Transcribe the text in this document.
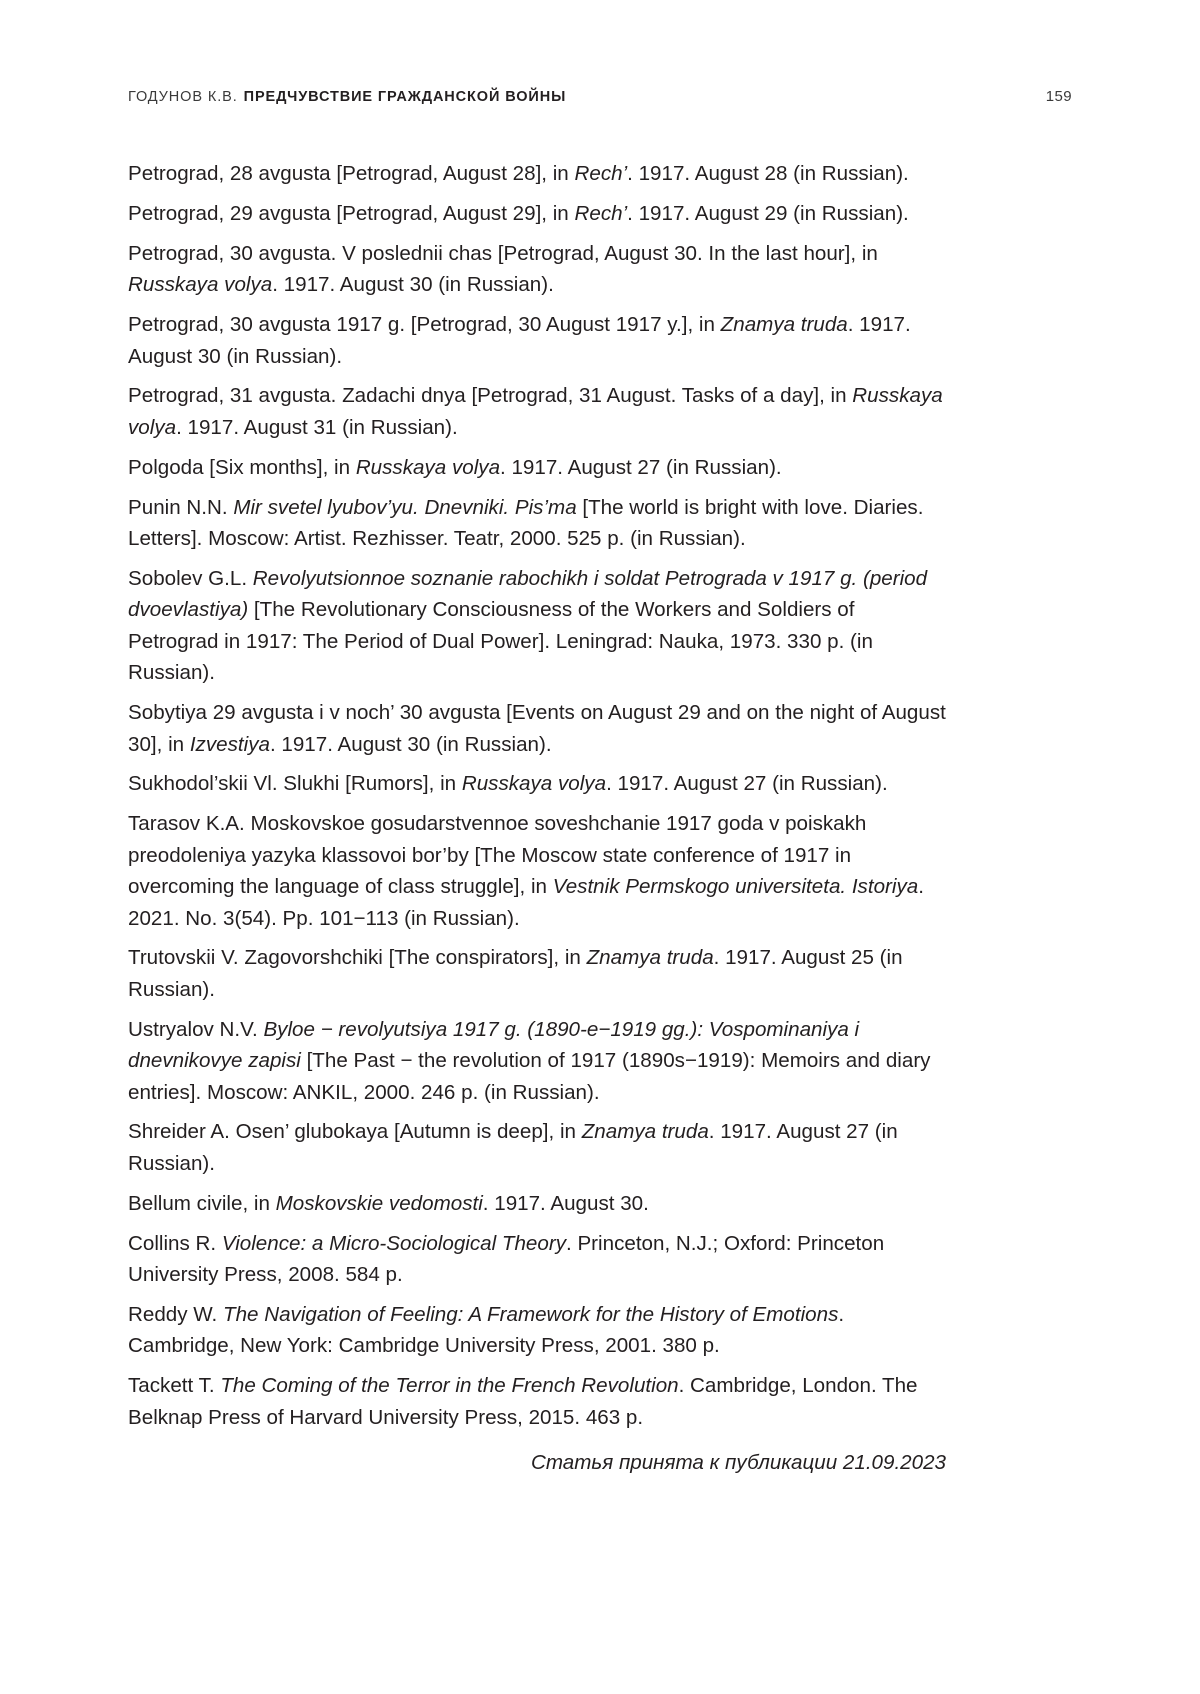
ГОДУНОВ К.В. ПРЕДЧУВСТВИЕ ГРАЖДАНСКОЙ ВОЙНЫ	159

Petrograd, 28 avgusta [Petrograd, August 28], in Rech’. 1917. August 28 (in Russian).

Petrograd, 29 avgusta [Petrograd, August 29], in Rech’. 1917. August 29 (in Russian).

Petrograd, 30 avgusta. V poslednii chas [Petrograd, August 30. In the last hour], in Russkaya volya. 1917. August 30 (in Russian).

Petrograd, 30 avgusta 1917 g. [Petrograd, 30 August 1917 y.], in Znamya truda. 1917. August 30 (in Russian).

Petrograd, 31 avgusta. Zadachi dnya [Petrograd, 31 August. Tasks of a day], in Russkaya volya. 1917. August 31 (in Russian).

Polgoda [Six months], in Russkaya volya. 1917. August 27 (in Russian).

Punin N.N. Mir svetel lyubov’yu. Dnevniki. Pis’ma [The world is bright with love. Diaries. Letters]. Moscow: Artist. Rezhisser. Teatr, 2000. 525 p. (in Russian).

Sobolev G.L. Revolyutsionnoe soznanie rabochikh i soldat Petrograda v 1917 g. (period dvoevlastiya) [The Revolutionary Consciousness of the Workers and Soldiers of Petrograd in 1917: The Period of Dual Power]. Leningrad: Nauka, 1973. 330 p. (in Russian).

Sobytiya 29 avgusta i v noch’ 30 avgusta [Events on August 29 and on the night of August 30], in Izvestiya. 1917. August 30 (in Russian).

Sukhodol’skii Vl. Slukhi [Rumors], in Russkaya volya. 1917. August 27 (in Russian).

Tarasov K.A. Moskovskoe gosudarstvennoe soveshchanie 1917 goda v poiskakh preodoleniya yazyka klassovoi bor’by [The Moscow state conference of 1917 in overcoming the language of class struggle], in Vestnik Permskogo universiteta. Istoriya. 2021. No. 3(54). Pp. 101−113 (in Russian).

Trutovskii V. Zagovorshchiki [The conspirators], in Znamya truda. 1917. August 25 (in Russian).

Ustryalov N.V. Byloe − revolyutsiya 1917 g. (1890-e−1919 gg.): Vospominaniya i dnevnikovye zapisi [The Past − the revolution of 1917 (1890s−1919): Memoirs and diary entries]. Moscow: ANKIL, 2000. 246 p. (in Russian).

Shreider A. Osen’ glubokaya [Autumn is deep], in Znamya truda. 1917. August 27 (in Russian).

Bellum civile, in Moskovskie vedomosti. 1917. August 30.

Collins R. Violence: a Micro-Sociological Theory. Princeton, N.J.; Oxford: Princeton University Press, 2008. 584 p.

Reddy W. The Navigation of Feeling: A Framework for the History of Emotions. Cambridge, New York: Cambridge University Press, 2001. 380 p.

Tackett T. The Coming of the Terror in the French Revolution. Cambridge, London. The Belknap Press of Harvard University Press, 2015. 463 p.

Статья принята к публикации 21.09.2023
